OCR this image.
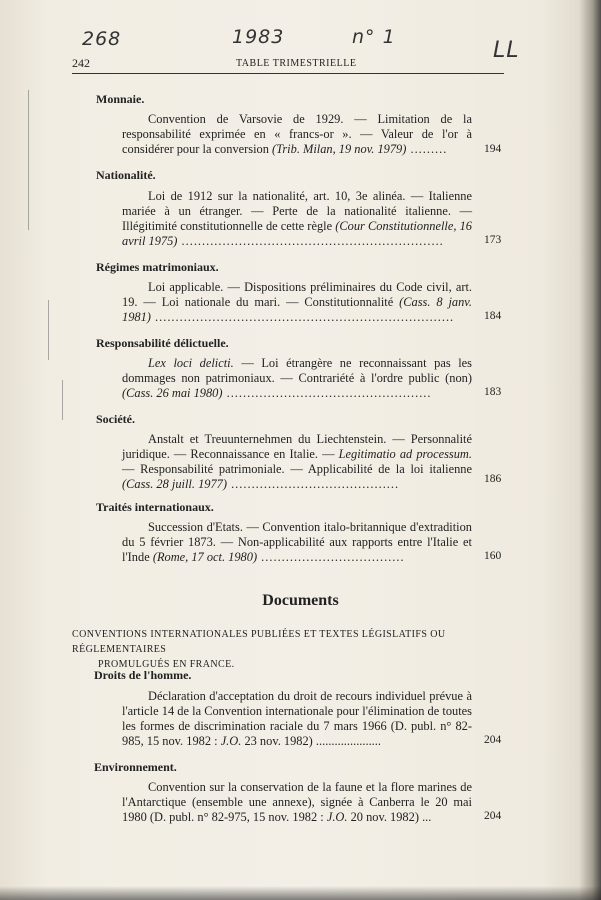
268	1983	n° 1
LL
242	TABLE TRIMESTRIELLE
Monnaie.
Convention de Varsovie de 1929. — Limitation de la responsabilité exprimée en « francs-or ». — Valeur de l'or à considérer pour la conversion (Trib. Milan, 19 nov. 1979) .........	194
Nationalité.
Loi de 1912 sur la nationalité, art. 10, 3e alinéa. — Italienne mariée à un étranger. — Perte de la nationalité italienne. — Illégitimité constitutionnelle de cette règle (Cour Constitutionnelle, 16 avril 1975) ................................................................	173
Régimes matrimoniaux.
Loi applicable. — Dispositions préliminaires du Code civil, art. 19. — Loi nationale du mari. — Constitutionnalité (Cass. 8 janv. 1981) .........................................................................	184
Responsabilité délictuelle.
Lex loci delicti. — Loi étrangère ne reconnaissant pas les dommages non patrimoniaux. — Contrariété à l'ordre public (non) (Cass. 26 mai 1980) ..................................................	183
Société.
Anstalt et Treuunternehmen du Liechtenstein. — Personnalité juridique. — Reconnaissance en Italie. — Legitimatio ad processum. — Responsabilité patrimoniale. — Applicabilité de la loi italienne (Cass. 28 juill. 1977) .........................................	186
Traités internationaux.
Succession d'Etats. — Convention italo-britannique d'extradition du 5 février 1873. — Non-applicabilité aux rapports entre l'Italie et l'Inde (Rome, 17 oct. 1980) ...................................	160
Documents
CONVENTIONS INTERNATIONALES PUBLIÉES ET TEXTES LÉGISLATIFS OU RÉGLEMENTAIRES
PROMULGUÉS EN FRANCE.
Droits de l'homme.
Déclaration d'acceptation du droit de recours individuel prévue à l'article 14 de la Convention internationale pour l'élimination de toutes les formes de discrimination raciale du 7 mars 1966 (D. publ. n° 82-985, 15 nov. 1982 : J.O. 23 nov. 1982) .....................	204
Environnement.
Convention sur la conservation de la faune et la flore marines de l'Antarctique (ensemble une annexe), signée à Canberra le 20 mai 1980 (D. publ. n° 82-975, 15 nov. 1982 : J.O. 20 nov. 1982) ...	204
